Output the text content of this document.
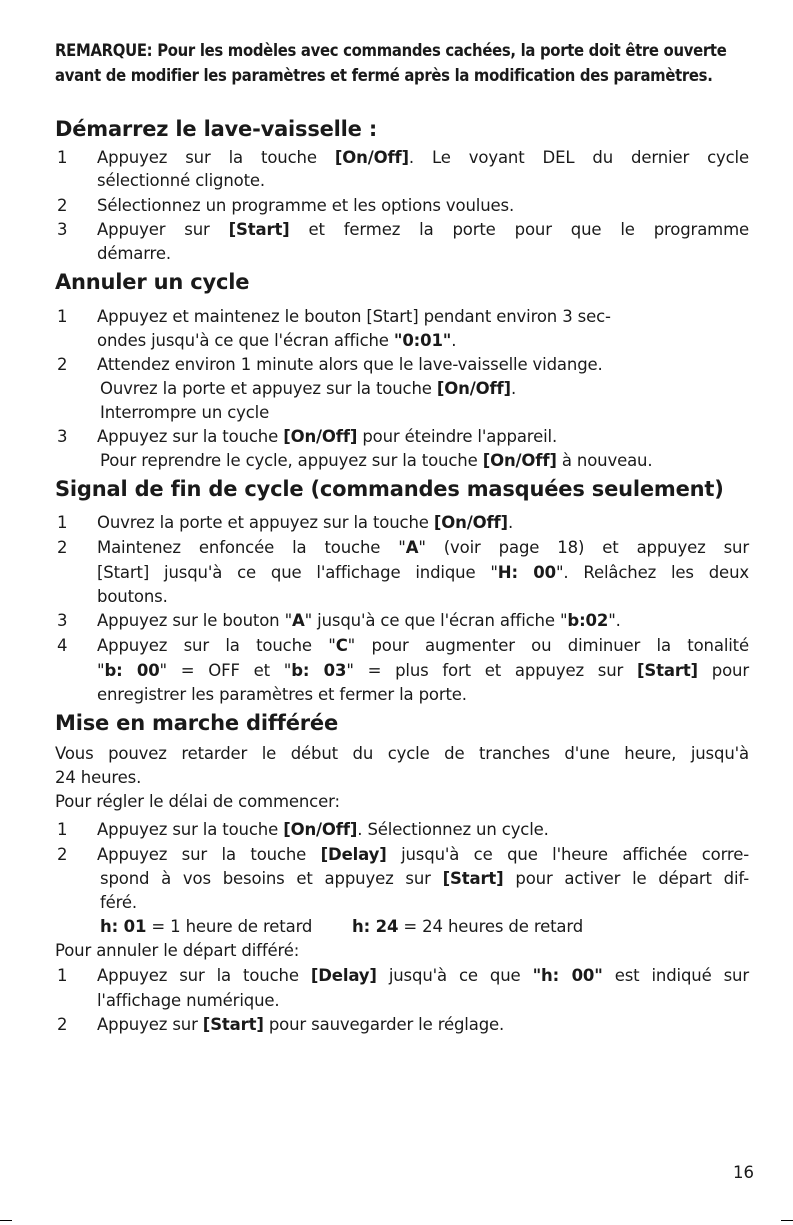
REMARQUE: Pour les modèles avec commandes cachées, la porte doit être ouverte avant de modifier les paramètres et fermé après la modification des paramètres.
Démarrez le lave-vaisselle :
1 Appuyez sur la touche [On/Off]. Le voyant DEL du dernier cycle
sélectionné clignote.
2 Sélectionnez un programme et les options voulues.
3 Appuyer sur [Start] et fermez la porte pour que le programme
démarre.
Annuler un cycle
1 Appuyez et maintenez le bouton [Start] pendant environ 3 sec-
ondes jusqu'à ce que l'écran affiche "0:01".
2 Attendez environ 1 minute alors que le lave-vaisselle vidange.
Ouvrez la porte et appuyez sur la touche [On/Off].
Interrompre un cycle
3 Appuyez sur la touche [On/Off] pour éteindre l'appareil.
Pour reprendre le cycle, appuyez sur la touche [On/Off] à nouveau.
Signal de fin de cycle (commandes masquées seulement)
1 Ouvrez la porte et appuyez sur la touche [On/Off].
2 Maintenez enfoncée la touche "A" (voir page 18) et appuyez sur
[Start] jusqu'à ce que l'affichage indique "H: 00". Relâchez les deux
boutons.
3 Appuyez sur le bouton "A" jusqu'à ce que l'écran affiche "b:02".
4 Appuyez sur la touche "C" pour augmenter ou diminuer la tonalité
"b: 00" = OFF et "b: 03" = plus fort et appuyez sur [Start] pour
enregistrer les paramètres et fermer la porte.
Mise en marche différée
Vous pouvez retarder le début du cycle de tranches d'une heure, jusqu'à
24 heures.
Pour régler le délai de commencer:
1 Appuyez sur la touche [On/Off]. Sélectionnez un cycle.
2 Appuyez sur la touche [Delay] jusqu'à ce que l'heure affichée corre-
spond à vos besoins et appuyez sur [Start] pour activer le départ dif-
féré.
h: 01 = 1 heure de retard h: 24 = 24 heures de retard
Pour annuler le départ différé:
1 Appuyez sur la touche [Delay] jusqu'à ce que "h: 00" est indiqué sur
l'affichage numérique.
2 Appuyez sur [Start] pour sauvegarder le réglage.
16
